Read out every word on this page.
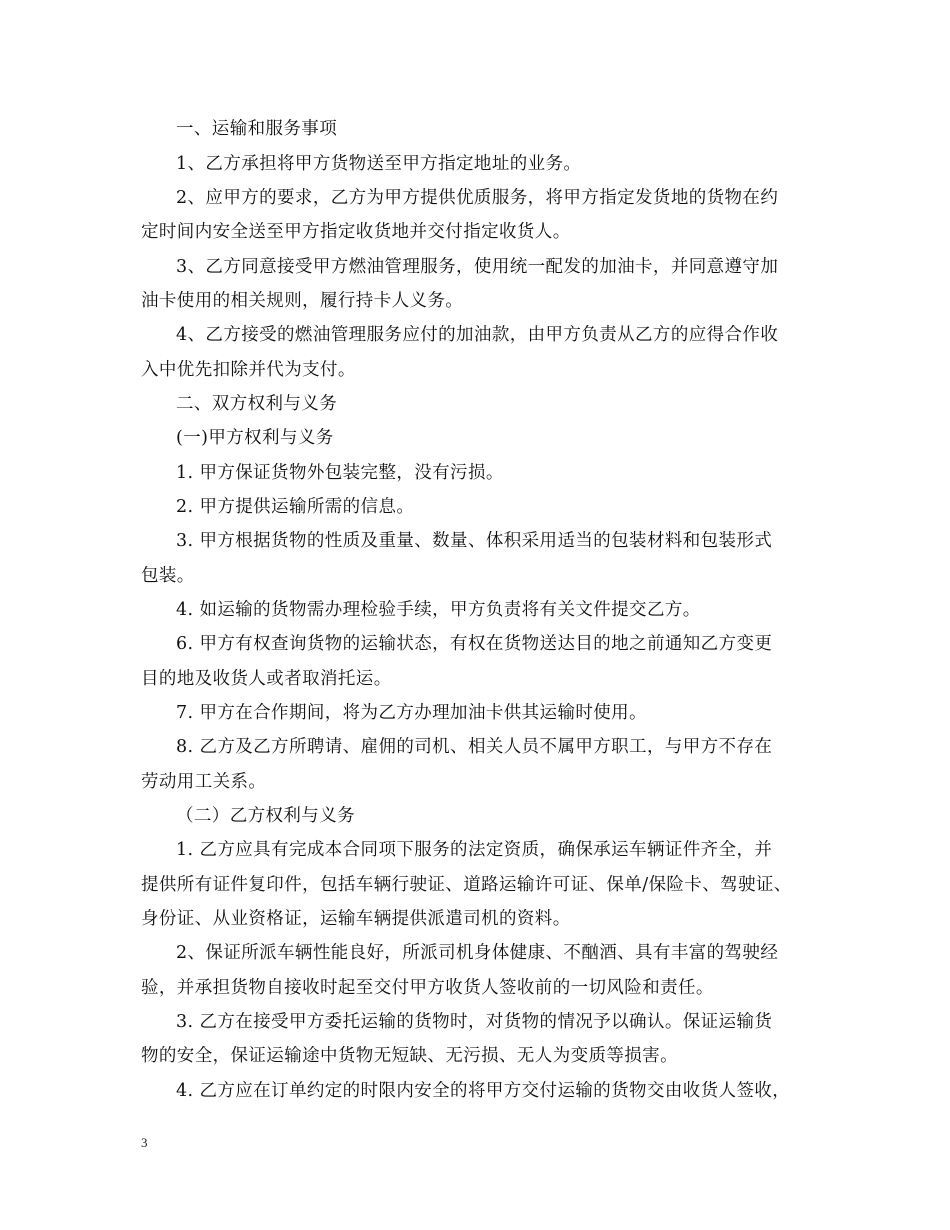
一、运输和服务事项
1、乙方承担将甲方货物送至甲方指定地址的业务。
2、应甲方的要求，乙方为甲方提供优质服务，将甲方指定发货地的货物在约
定时间内安全送至甲方指定收货地并交付指定收货人。
3、乙方同意接受甲方燃油管理服务，使用统一配发的加油卡，并同意遵守加
油卡使用的相关规则，履行持卡人义务。
4、乙方接受的燃油管理服务应付的加油款，由甲方负责从乙方的应得合作收
入中优先扣除并代为支付。
二、双方权利与义务
(一)甲方权利与义务
1. 甲方保证货物外包装完整，没有污损。
2. 甲方提供运输所需的信息。
3. 甲方根据货物的性质及重量、数量、体积采用适当的包装材料和包装形式
包装。
4. 如运输的货物需办理检验手续，甲方负责将有关文件提交乙方。
6. 甲方有权查询货物的运输状态，有权在货物送达目的地之前通知乙方变更
目的地及收货人或者取消托运。
7. 甲方在合作期间，将为乙方办理加油卡供其运输时使用。
8. 乙方及乙方所聘请、雇佣的司机、相关人员不属甲方职工，与甲方不存在
劳动用工关系。
（二）乙方权利与义务
1. 乙方应具有完成本合同项下服务的法定资质，确保承运车辆证件齐全，并
提供所有证件复印件，包括车辆行驶证、道路运输许可证、保单/保险卡、驾驶证、
身份证、从业资格证，运输车辆提供派遣司机的资料。
2、保证所派车辆性能良好，所派司机身体健康、不酗酒、具有丰富的驾驶经
验，并承担货物自接收时起至交付甲方收货人签收前的一切风险和责任。
3. 乙方在接受甲方委托运输的货物时，对货物的情况予以确认。保证运输货
物的安全，保证运输途中货物无短缺、无污损、无人为变质等损害。
4. 乙方应在订单约定的时限内安全的将甲方交付运输的货物交由收货人签收，
3
